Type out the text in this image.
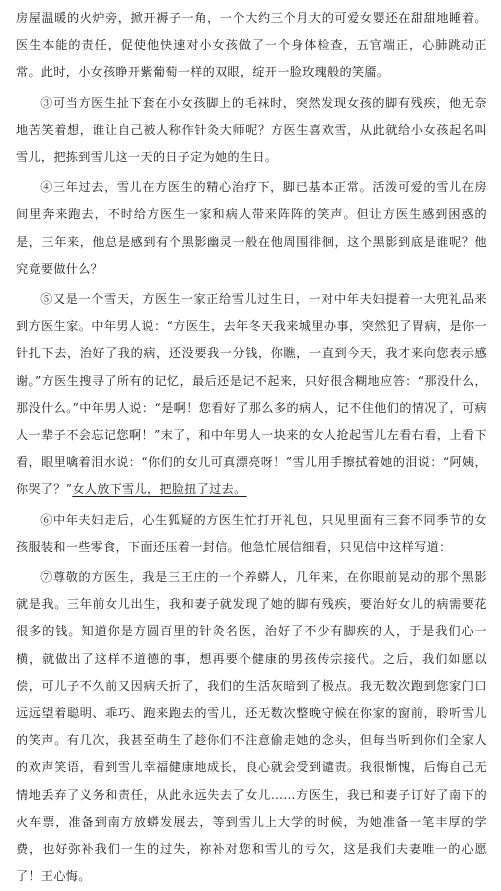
房屋温暖的火炉旁，掀开褥子一角，一个大约三个月大的可爱女婴还在甜甜地睡着。医生本能的责任，促使他快速对小女孩做了一个身体检查，五官端正，心肺跳动正常。此时，小女孩睁开紫葡萄一样的双眼，绽开一脸玫瑰般的笑靥。

③可当方医生扯下套在小女孩脚上的毛袜时，突然发现女孩的脚有残疾，他无奈地苦笑着想，谁让自己被人称作针灸大师呢？方医生喜欢雪，从此就给小女孩起名叫雪儿，把拣到雪儿这一天的日子定为她的生日。

④三年过去，雪儿在方医生的精心治疗下，脚已基本正常。活泼可爱的雪儿在房间里奔来跑去，不时给方医生一家和病人带来阵阵的笑声。但让方医生感到困惑的是，三年来，他总是感到有个黑影幽灵一般在他周围徘徊，这个黑影到底是谁呢？他究竟要做什么？

⑤又是一个雪天，方医生一家正给雪儿过生日，一对中年夫妇提着一大兜礼品来到方医生家。中年男人说：“方医生，去年冬天我来城里办事，突然犯了胃病，是你一针扎下去，治好了我的病，还没要我一分钱，你瞧，一直到今天，我才来向您表示感谢。”方医生搜寻了所有的记忆，最后还是记不起来，只好很含糊地应答：“那没什么，那没什么。”中年男人说：“是啊！您看好了那么多的病人，记不住他们的情况了，可病人一辈子不会忘记您啊！”末了，和中年男人一块来的女人抢起雪儿左看右看，上看下看，眼里噙着泪水说：“你们的女儿可真漂亮呀！”雪儿用手擦拭着她的泪说：“阿姨，你哭了？”女人放下雪儿，把脸扭了过去。

⑥中年夫妇走后，心生狐疑的方医生忙打开礼包，只见里面有三套不同季节的女孩服装和一些零食，下面还压着一封信。他急忙展信细看，只见信中这样写道：

⑦尊敬的方医生，我是三王庄的一个养蟒人，几年来，在你眼前晃动的那个黑影就是我。三年前女儿出生，我和妻子就发现了她的脚有残疾，要治好女儿的病需要花很多的钱。知道你是方圆百里的针灸名医，治好了不少有脚疾的人，于是我们心一横，就做出了这样不道德的事，想再要个健康的男孩传宗接代。之后，我们如愿以偿，可儿子不久前又因病夭折了，我们的生活灰暗到了极点。我无数次跑到您家门口远远望着聪明、乖巧、跑来跑去的雪儿，还无数次整晚守候在你家的窗前，聆听雪儿的笑声。有几次，我甚至萌生了趁你们不注意偷走她的念头，但每当听到你们全家人的欢声笑语，看到雪儿幸福健康地成长，良心就会受到谴责。我很惭愧，后悔自己无情地丢弃了义务和责任，从此永远失去了女儿……方医生，我已和妻子订好了南下的火车票，准备到南方放蟒发展去，等到雪儿上大学的时候，为她准备一笔丰厚的学费，也好弥补我们一生的过失，祢补对您和雪儿的亏欠，这是我们夫妻唯一的心愿了！王心悔。
